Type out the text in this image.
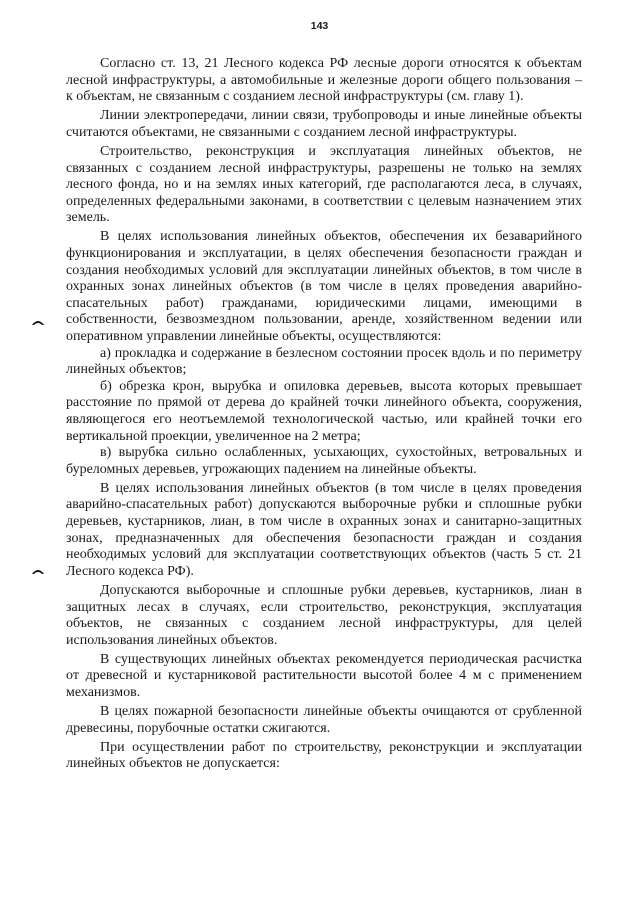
143

Согласно ст. 13, 21 Лесного кодекса РФ лесные дороги относятся к объектам лесной инфраструктуры, а автомобильные и железные дороги общего пользования – к объектам, не связанным с созданием лесной инфраструктуры (см. главу 1).

Линии электропередачи, линии связи, трубопроводы и иные линейные объекты считаются объектами, не связанными с созданием лесной инфраструктуры.

Строительство, реконструкция и эксплуатация линейных объектов, не связанных с созданием лесной инфраструктуры, разрешены не только на землях лесного фонда, но и на землях иных категорий, где располагаются леса, в случаях, определенных федеральными законами, в соответствии с целевым назначением этих земель.

В целях использования линейных объектов, обеспечения их безаварийного функционирования и эксплуатации, в целях обеспечения безопасности граждан и создания необходимых условий для эксплуатации линейных объектов, в том числе в охранных зонах линейных объектов (в том числе в целях проведения аварийно-спасательных работ) гражданами, юридическими лицами, имеющими в собственности, безвозмездном пользовании, аренде, хозяйственном ведении или оперативном управлении линейные объекты, осуществляются:

а) прокладка и содержание в безлесном состоянии просек вдоль и по периметру линейных объектов;

б) обрезка крон, вырубка и опиловка деревьев, высота которых превышает расстояние по прямой от дерева до крайней точки линейного объекта, сооружения, являющегося его неотъемлемой технологической частью, или крайней точки его вертикальной проекции, увеличенное на 2 метра;

в) вырубка сильно ослабленных, усыхающих, сухостойных, ветровальных и буреломных деревьев, угрожающих падением на линейные объекты.

В целях использования линейных объектов (в том числе в целях проведения аварийно-спасательных работ) допускаются выборочные рубки и сплошные рубки деревьев, кустарников, лиан, в том числе в охранных зонах и санитарно-защитных зонах, предназначенных для обеспечения безопасности граждан и создания необходимых условий для эксплуатации соответствующих объектов (часть 5 ст. 21 Лесного кодекса РФ).

Допускаются выборочные и сплошные рубки деревьев, кустарников, лиан в защитных лесах в случаях, если строительство, реконструкция, эксплуатация объектов, не связанных с созданием лесной инфраструктуры, для целей использования линейных объектов.

В существующих линейных объектах рекомендуется периодическая расчистка от древесной и кустарниковой растительности высотой более 4 м с применением механизмов.

В целях пожарной безопасности линейные объекты очищаются от срубленной древесины, порубочные остатки сжигаются.

При осуществлении работ по строительству, реконструкции и эксплуатации линейных объектов не допускается:
